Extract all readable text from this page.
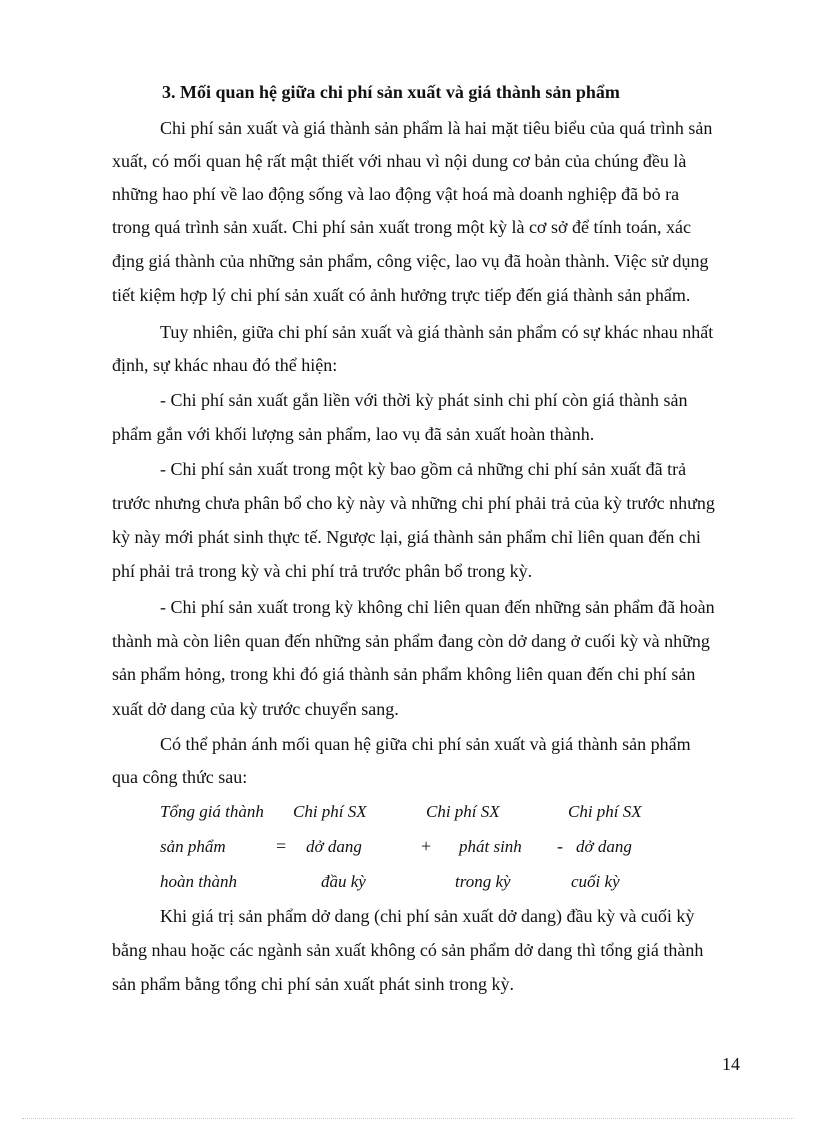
3. Mối quan hệ giữa chi phí sản xuất và giá thành sản phẩm
Chi phí sản xuất và giá thành sản phẩm là hai mặt tiêu biểu của quá trình sản
xuất, có mối quan hệ rất mật thiết với nhau vì nội dung cơ bản của chúng đều là
những hao phí về lao động sống và lao động vật hoá mà doanh nghiệp đã bỏ ra
trong quá trình sản xuất. Chi phí sản xuất trong một kỳ là cơ sở để tính toán, xác
địng giá thành của những sản phẩm, công việc, lao vụ đã hoàn thành. Việc sử dụng
tiết kiệm hợp lý chi phí sản xuất có ảnh hưởng trực tiếp đến giá thành sản phẩm.
Tuy nhiên, giữa chi phí sản xuất và giá thành sản phẩm có sự khác nhau nhất
định, sự khác nhau đó thể hiện:
- Chi phí sản xuất gắn liền với thời kỳ phát sinh chi phí còn giá thành sản
phẩm gắn với khối lượng sản phẩm, lao vụ đã sản xuất hoàn thành.
- Chi phí sản xuất trong một kỳ bao gồm cả những chi phí sản xuất đã trả
trước nhưng chưa phân bổ cho kỳ này và những chi phí phải trả của kỳ trước nhưng
kỳ này mới phát sinh thực tế. Ngược lại, giá thành sản phẩm chỉ liên quan đến chi
phí phải trả trong kỳ và chi phí trả trước phân bổ trong kỳ.
- Chi phí sản xuất trong kỳ không chỉ liên quan đến những sản phẩm đã hoàn
thành mà còn liên quan đến những sản phẩm đang còn dở dang ở cuối kỳ và những
sản phẩm hỏng, trong khi đó giá thành sản phẩm không liên quan đến chi phí sản
xuất dở dang của kỳ trước chuyển sang.
Có thể phản ánh mối quan hệ giữa chi phí sản xuất và giá thành sản phẩm
qua công thức sau:
Tổng giá thành
sản phẩm
hoàn thành
=
Chi phí SX
dở dang
đầu kỳ
+
Chi phí SX
phát sinh
trong kỳ
-
Chi phí SX
dở dang
cuối kỳ
Khi giá trị sản phẩm dở dang (chi phí sản xuất dở dang) đầu kỳ và cuối kỳ
bằng nhau hoặc các ngành sản xuất không có sản phẩm dở dang thì tổng giá thành
sản phẩm bằng tổng chi phí sản xuất phát sinh trong kỳ.
14
